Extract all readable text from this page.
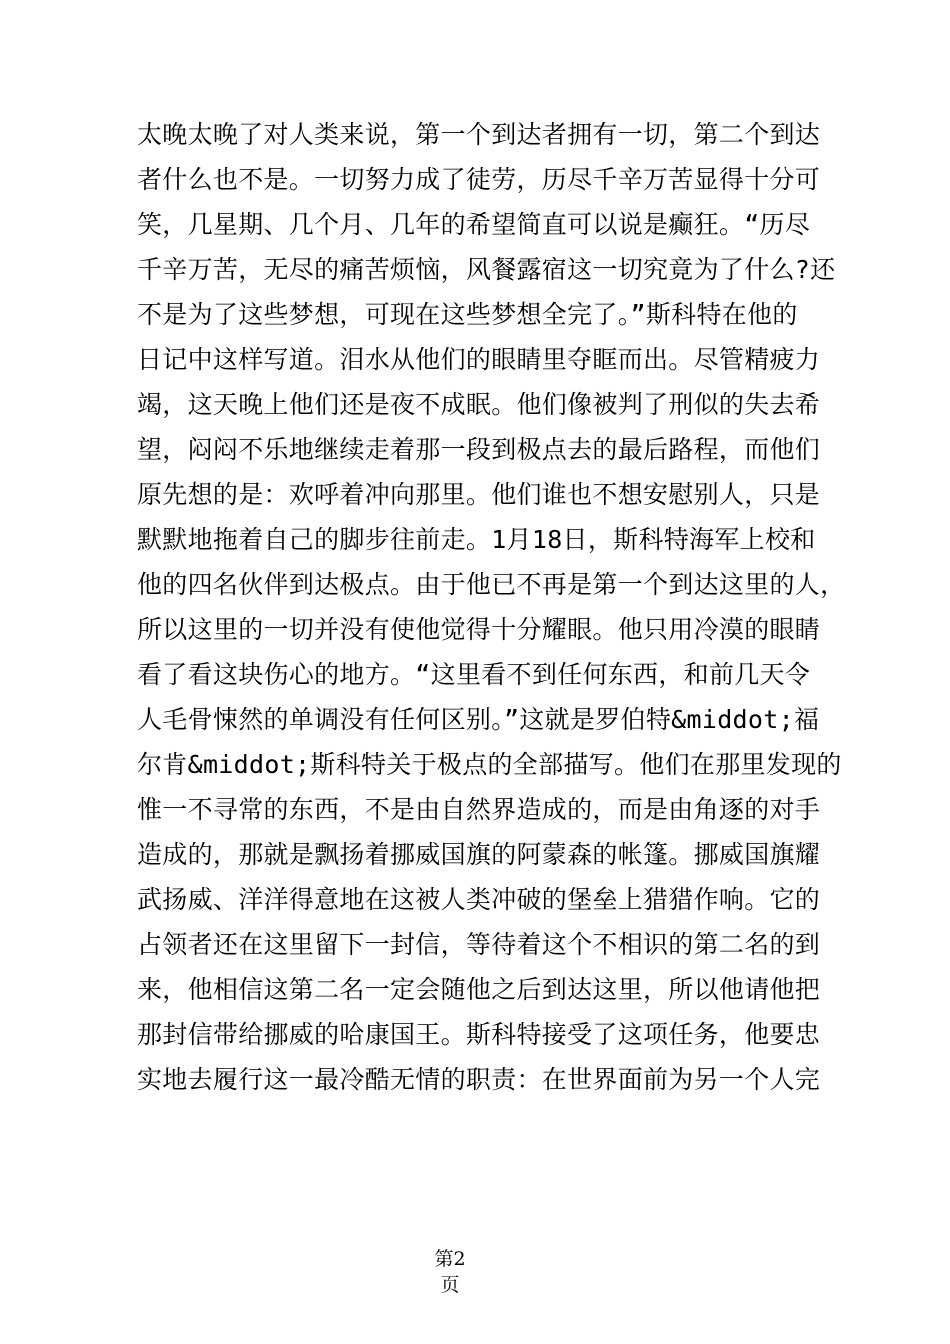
太晚太晚了对人类来说，第一个到达者拥有一切，第二个到达
者什么也不是。一切努力成了徒劳，历尽千辛万苦显得十分可
笑，几星期、几个月、几年的希望简直可以说是癫狂。“历尽
千辛万苦，无尽的痛苦烦恼，风餐露宿这一切究竟为了什么?还
不是为了这些梦想，可现在这些梦想全完了。”斯科特在他的
日记中这样写道。泪水从他们的眼睛里夺眶而出。尽管精疲力
竭，这天晚上他们还是夜不成眠。他们像被判了刑似的失去希
望，闷闷不乐地继续走着那一段到极点去的最后路程，而他们
原先想的是：欢呼着冲向那里。他们谁也不想安慰别人，只是
默默地拖着自己的脚步往前走。1月18日，斯科特海军上校和
他的四名伙伴到达极点。由于他已不再是第一个到达这里的人，
所以这里的一切并没有使他觉得十分耀眼。他只用冷漠的眼睛
看了看这块伤心的地方。“这里看不到任何东西，和前几天令
人毛骨悚然的单调没有任何区别。”这就是罗伯特&middot;福
尔肯&middot;斯科特关于极点的全部描写。他们在那里发现的
惟一不寻常的东西，不是由自然界造成的，而是由角逐的对手
造成的，那就是飘扬着挪威国旗的阿蒙森的帐篷。挪威国旗耀
武扬威、洋洋得意地在这被人类冲破的堡垒上猎猎作响。它的
占领者还在这里留下一封信，等待着这个不相识的第二名的到
来，他相信这第二名一定会随他之后到达这里，所以他请他把
那封信带给挪威的哈康国王。斯科特接受了这项任务，他要忠
实地去履行这一最冷酷无情的职责：在世界面前为另一个人完
第2
页
